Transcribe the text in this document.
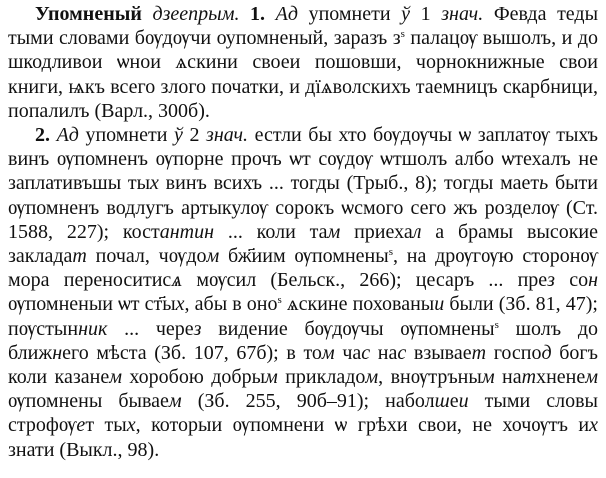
Упомненый дзеепрым. 1. Ад упомнети ў 1 знач. Февда теды тыми словами бѹдѹчи оупомненый, заразъ $з^s$ палацѹ вышолъ, и до шкодливои ѡнои ѧскини своеи пошовши, чорнокнижные свои книги, ѩкъ всего злого початки, и дïѧволскихъ таемницъ скарбници, попалилъ (Варл., 300б).

2. Ад упомнети ў 2 знач. естли бы хто бѹдѹчы ѡ заплатѹ тыхъ винъ ѹпомненъ ѹпорне прочъ ѡт сѹдѹ ѡтшолъ албо ѡтехалъ не заплативъшы тых винъ всихъ ... тогды (Трыб., 8); тогды маеть быти ѹпомненъ водлугъ артыкулѹ сорокъ ѡсмого сего жъ розделѹ (Ст. 1588, 227); костантин ... коли там приехал а брамы высокие закладат почал, чѹдом бж҃иим ѹпомнены$^s$, на дрѹгѹю сторонѹ мора переноситисѧ мѹсил (Бельск., 266); цесаръ ... през сон ѹпомненыи ѡт ст҃ых, абы в оно$^s$ ѧскине похованыи были (Зб. 81, 47); пѹстынник ... через видение бѹдѹчы ѹпомнены$^s$ шолъ до ближнего мѣста (Зб. 107, 67б); в том час нас взывает господ богъ коли казанем хоробою добрым прикладом, внѹтръным натхненем ѹпомнены бываем (Зб. 255, 90б–91); наболшеи тыми словы строфѹет тых, которыи ѹпомнени ѡ грѣхи свои, не хочѹтъ их знати (Выкл., 98).
